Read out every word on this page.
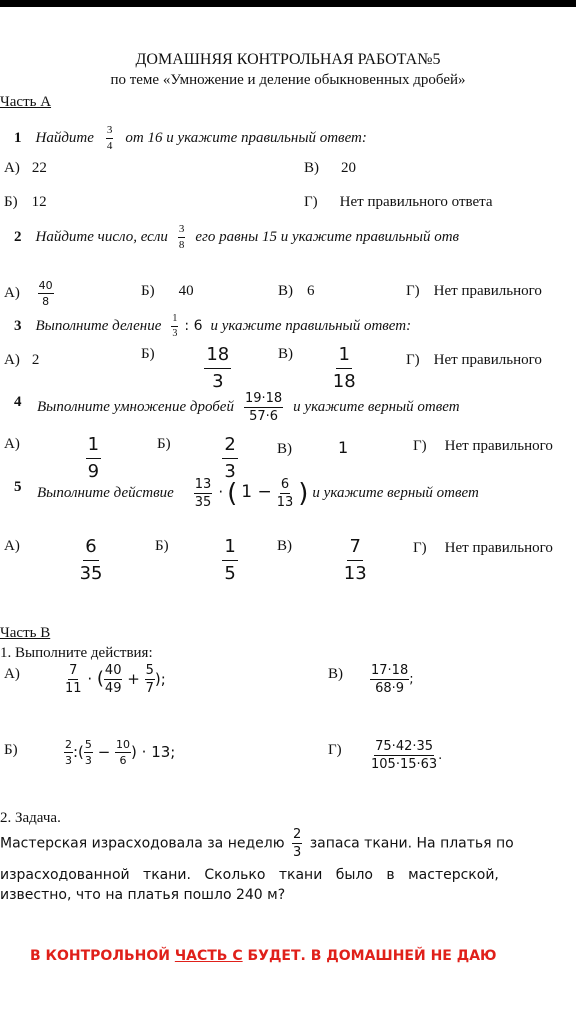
ДОМАШНЯЯ КОНТРОЛЬНАЯ РАБОТА№5
по теме «Умножение и деление обыкновенных дробей»
Часть А
1 Найдите $\frac{3}{4}$ от 16 и укажите правильный ответ:
А) 22	В) 20
Б) 12	Г) Нет правильного ответа
2 Найдите число, если $\frac{3}{8}$ его равны 15 и укажите правильный отв
$А) \frac{40}{8}$	Б) 40	В) 6	Г) Нет правильного
3 Выполните деление $\frac{1}{3}$ : 6 и укажите правильный ответ:
А) 2	Б)	$\frac{18}{3}$	$В) \frac{1}{18}$	Г) Нет правильного
4 Выполните умножение дробей $\frac{19\cdot 18}{57\cdot 6}$ и укажите верный ответ
А)	$\frac{1}{9}$	Б)	$\frac{2}{3}$	В)	1	Г) Нет правильного
5 Выполните действие $\frac{13}{35}$ · ( $1 - \frac{6}{13}$ ) и укажите верный ответ
А)	$\frac{6}{35}$	Б)	$\frac{1}{5}$	В)	$\frac{7}{13}$	Г) Нет правильного
Часть В
1. Выполните действия:
А)	$\frac{7}{11}$ · ( $\frac{40}{49} + \frac{5}{7}$ );	$В) \frac{17\cdot 18}{68\cdot 9}$ ;
Б)	$\frac{2}{3}$ :( $\frac{5}{3} - \frac{10}{6}$ ) · 13;	$Г) \frac{75\cdot 42\cdot 35}{105\cdot 15\cdot 63}$ .
2. Задача.
Мастерская израсходовала за неделю $\frac{2}{3}$ запаса ткани. На платья по
израсходованной ткани. Сколько ткани было в мастерской,
известно, что на платья пошло 240 м?
В КОНТРОЛЬНОЙ ЧАСТЬ С БУДЕТ. В ДОМАШНЕЙ НЕ ДАЮ
